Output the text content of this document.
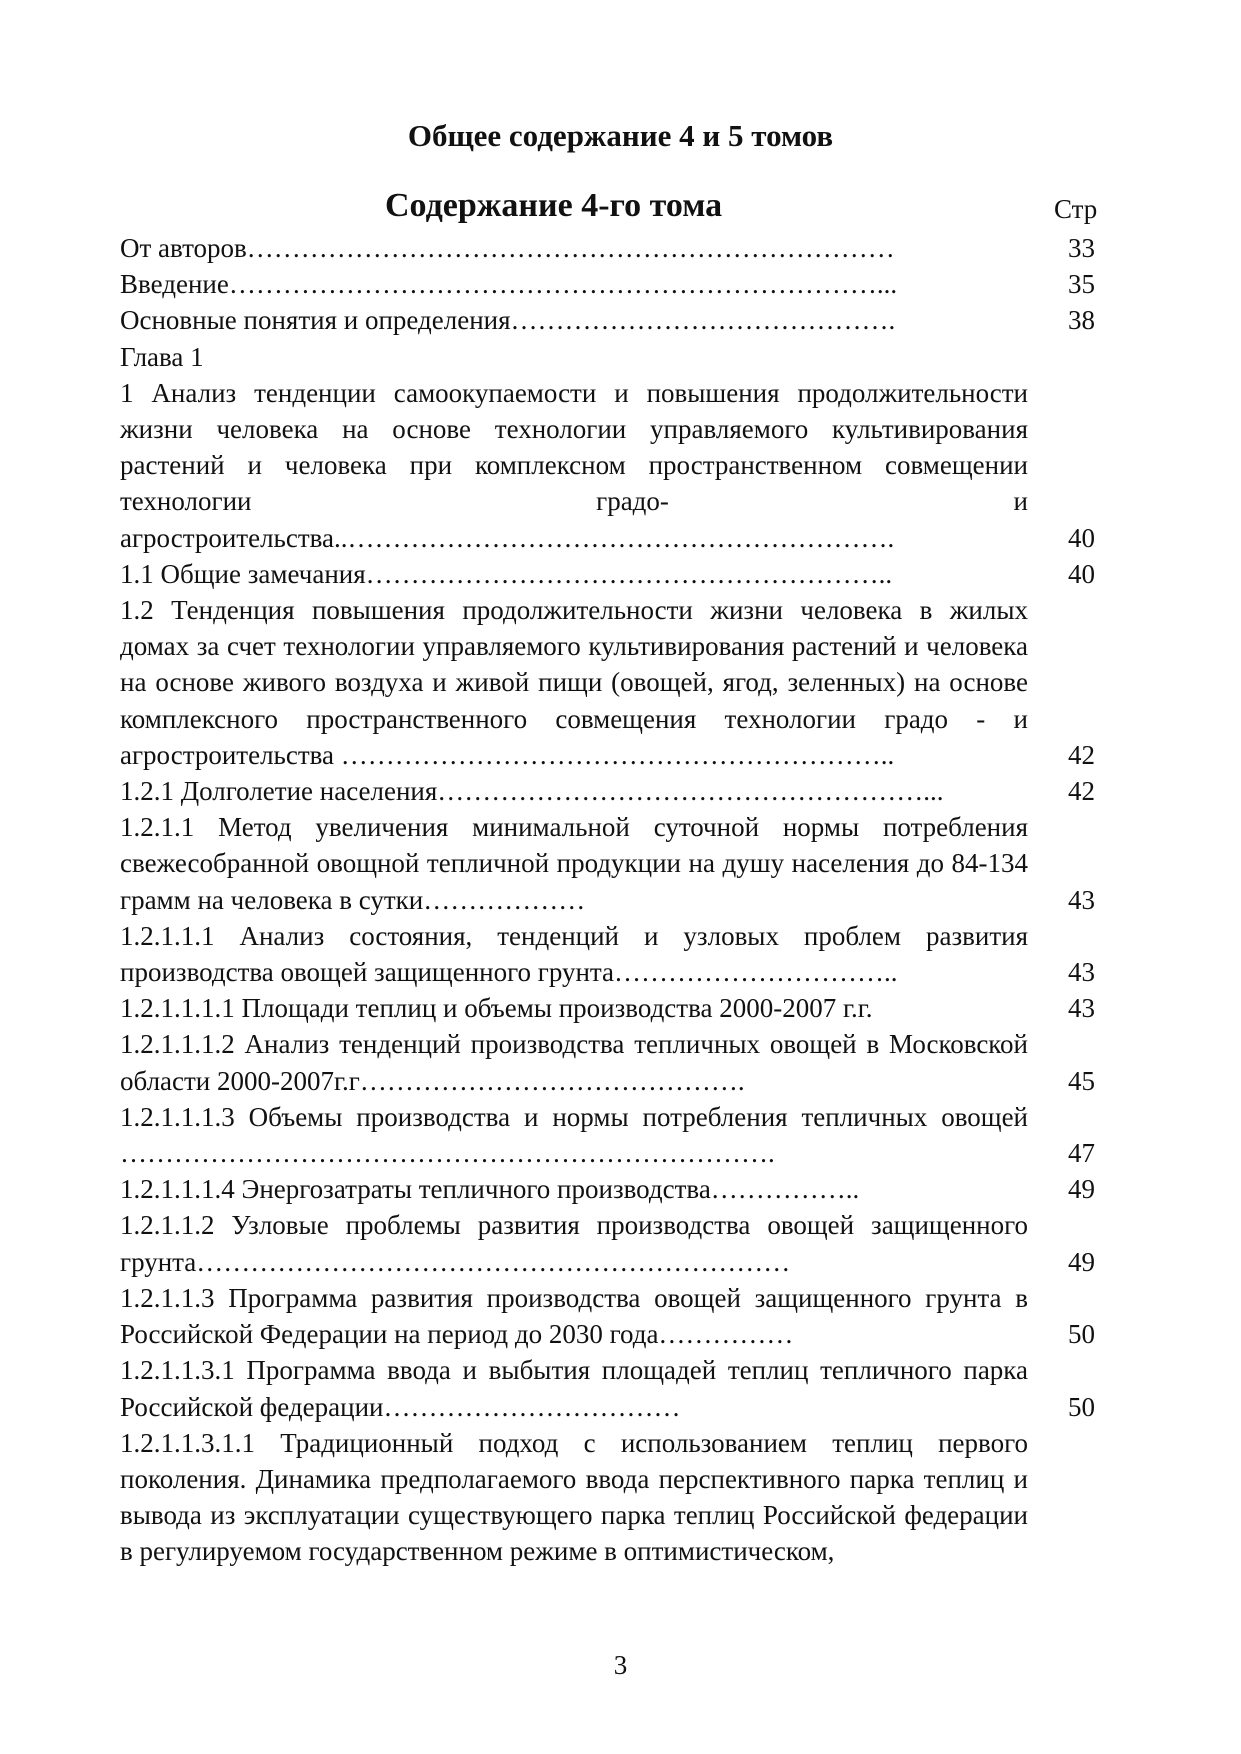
Общее содержание 4 и 5 томов
Содержание 4-го тома	Стр
От авторов………………………………………………………………	33
Введение………………………………………………………………...	35
Основные понятия и определения…………………………………….	38
Глава 1
1 Анализ тенденции самоокупаемости и повышения продолжительности жизни человека на основе технологии управляемого культивирования растений и человека при комплексном пространственном совмещении технологии градо- и агростроительства..…………………………………………………….	40
1.1 Общие замечания…………………………………………………..	40
1.2 Тенденция повышения продолжительности жизни человека в жилых домах за счет технологии управляемого культивирования растений и человека на основе живого воздуха и живой пищи (овощей, ягод, зеленных) на основе комплексного пространственного совмещения технологии градо - и агростроительства ……………………………………………………..	42
1.2.1 Долголетие населения………………………………………………...	42
1.2.1.1 Метод увеличения минимальной суточной нормы потребления свежесобранной овощной тепличной продукции на душу населения до 84-134 грамм на человека в сутки………………	43
1.2.1.1.1 Анализ состояния, тенденций и узловых проблем развития производства овощей защищенного грунта…………………………..	43
1.2.1.1.1.1 Площади теплиц и объемы производства 2000-2007 г.г.	43
1.2.1.1.1.2 Анализ тенденций производства тепличных овощей в Московской области 2000-2007г.г…………………………………….	45
1.2.1.1.1.3 Объемы производства и нормы потребления тепличных овощей ……………………………………………………………….	47
1.2.1.1.1.4 Энергозатраты тепличного производства……………..	49
1.2.1.1.2 Узловые проблемы развития производства овощей защищенного грунта…………………………………………………………	49
1.2.1.1.3 Программа развития производства овощей защищенного грунта в Российской Федерации на период до 2030 года……………	50
1.2.1.1.3.1 Программа ввода и выбытия площадей теплиц тепличного парка Российской федерации……………………………	50
1.2.1.1.3.1.1 Традиционный подход с использованием теплиц первого поколения. Динамика предполагаемого ввода перспективного парка теплиц и вывода из эксплуатации существующего парка теплиц Российской федерации в регулируемом государственном режиме в оптимистическом,
3
